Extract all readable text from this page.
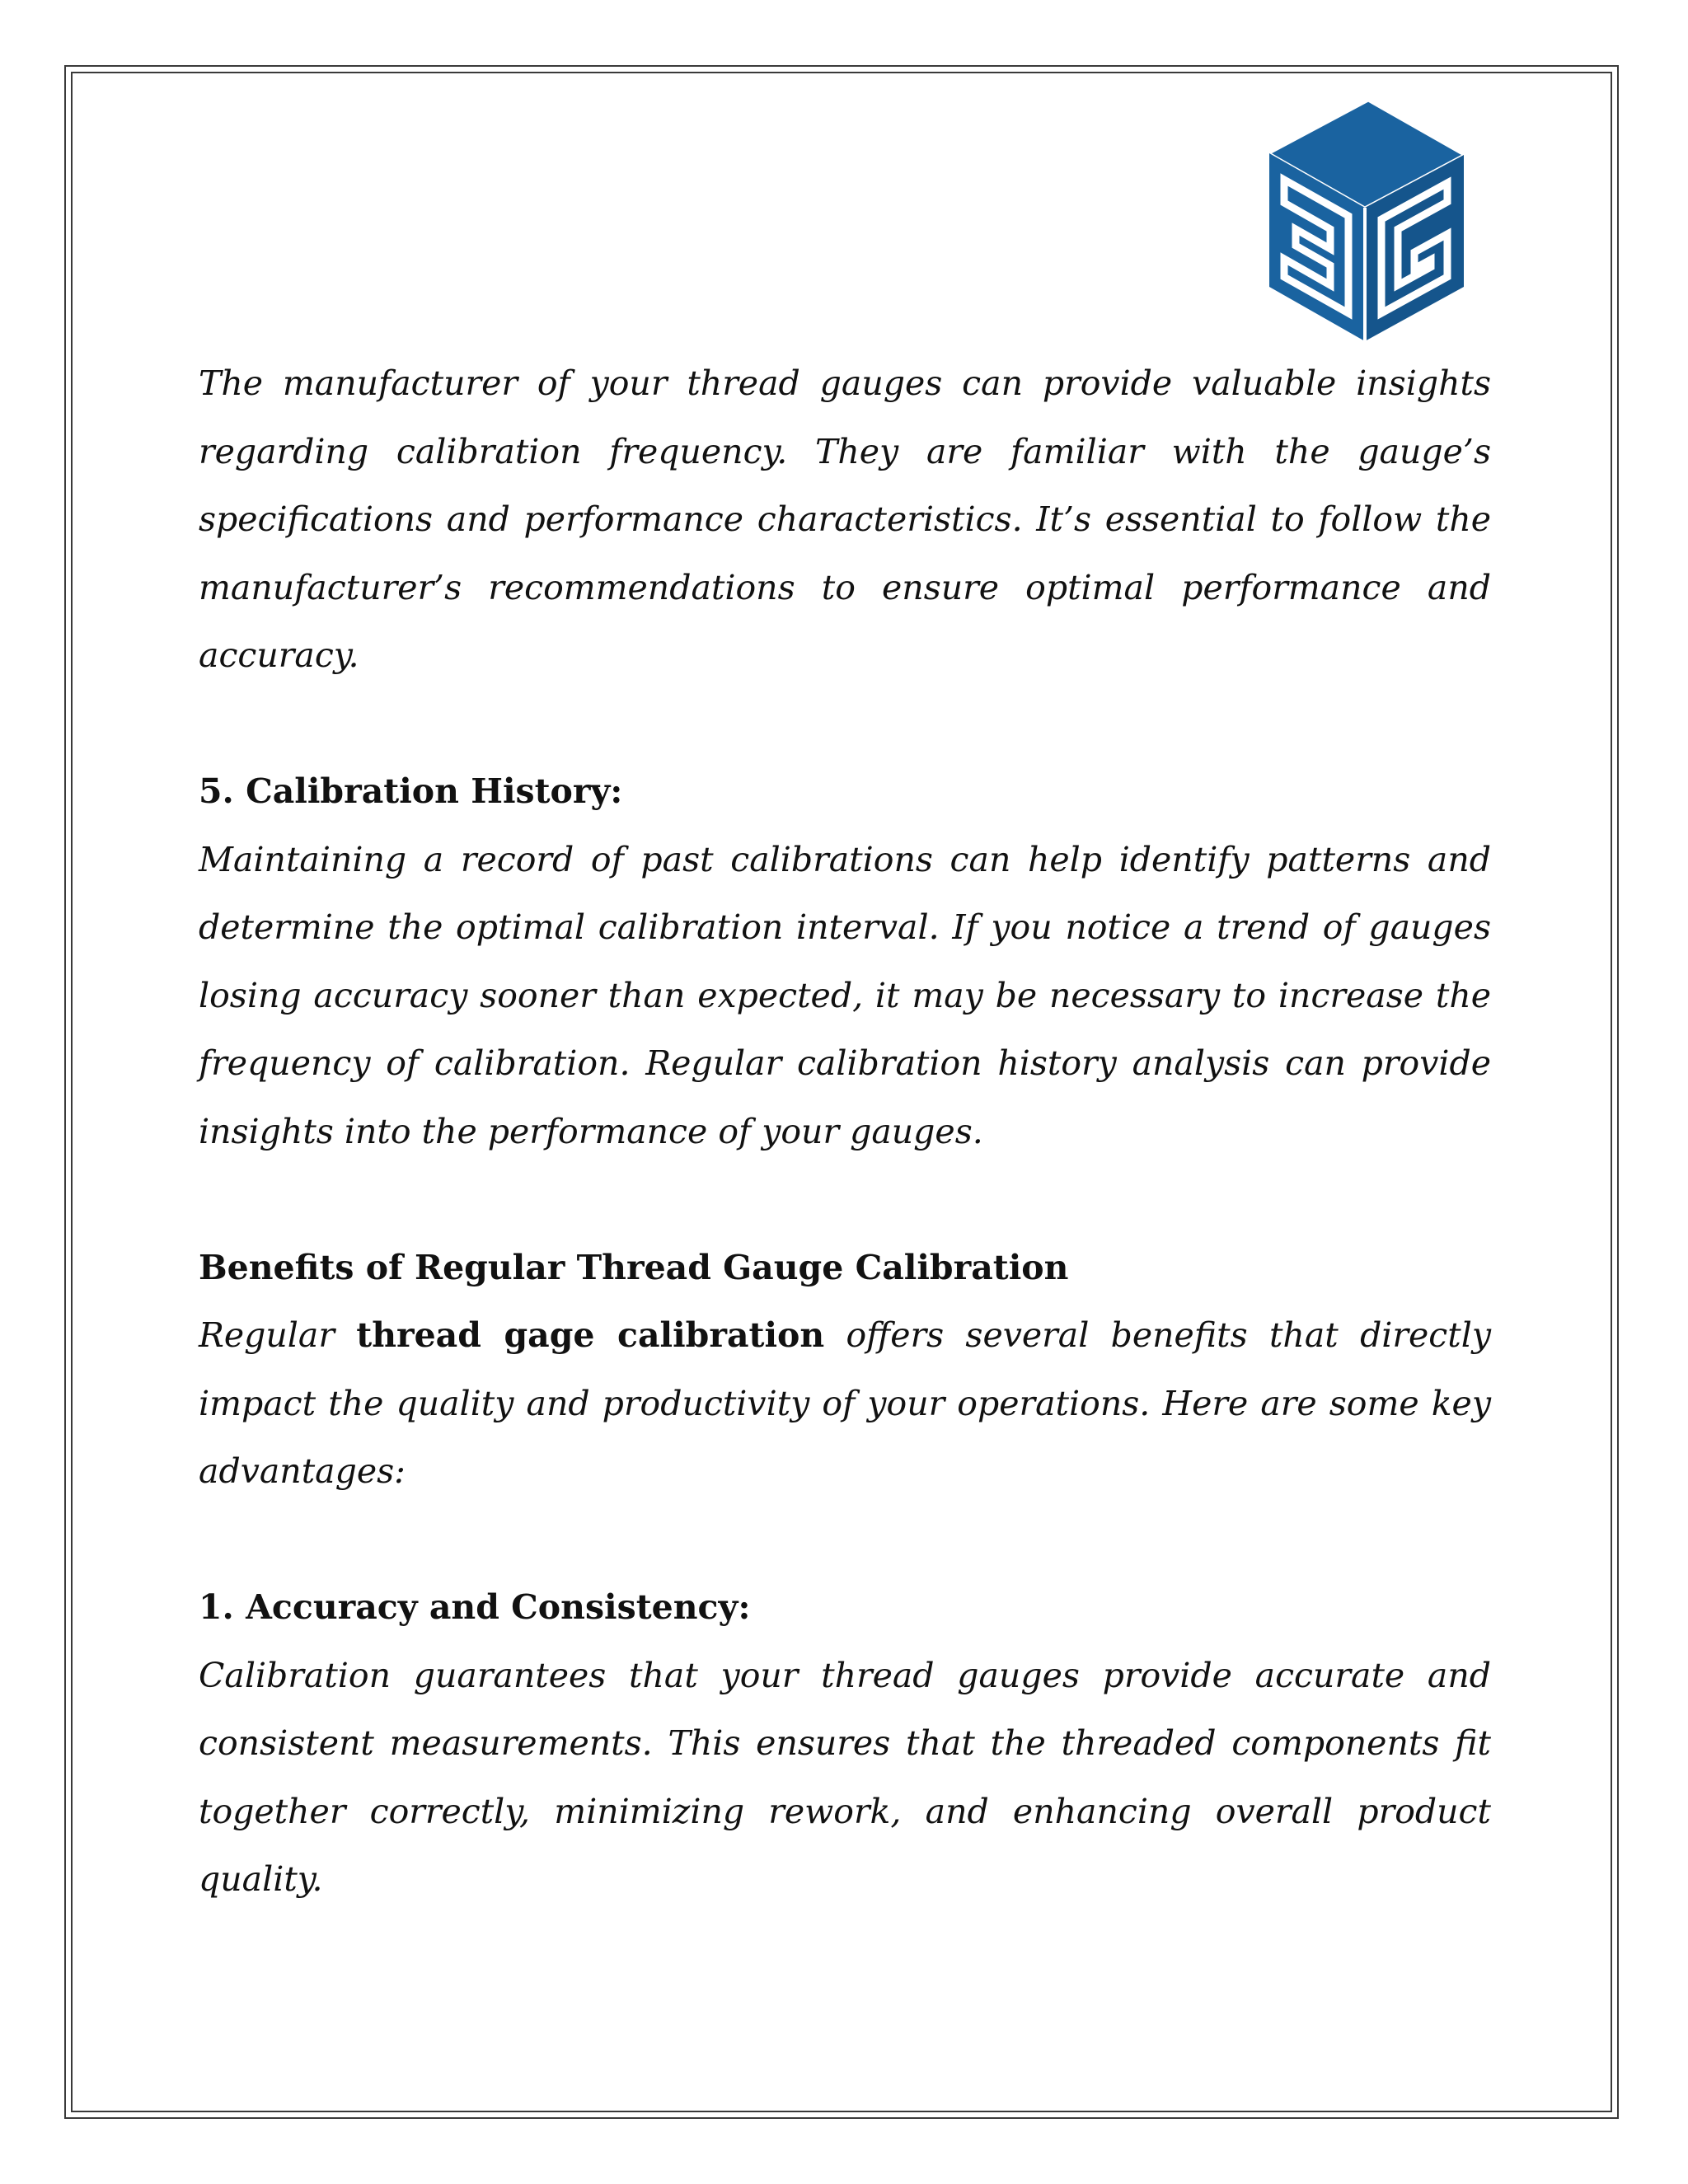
The manufacturer of your thread gauges can provide valuable insights regarding calibration frequency. They are familiar with the gauge’s specifications and performance characteristics. It’s essential to follow the manufacturer’s recommendations to ensure optimal performance and accuracy.

5. Calibration History:

Maintaining a record of past calibrations can help identify patterns and determine the optimal calibration interval. If you notice a trend of gauges losing accuracy sooner than expected, it may be necessary to increase the frequency of calibration. Regular calibration history analysis can provide insights into the performance of your gauges.

Benefits of Regular Thread Gauge Calibration

Regular thread gage calibration offers several benefits that directly impact the quality and productivity of your operations. Here are some key advantages:

1. Accuracy and Consistency:

Calibration guarantees that your thread gauges provide accurate and consistent measurements. This ensures that the threaded components fit together correctly, minimizing rework, and enhancing overall product quality.
